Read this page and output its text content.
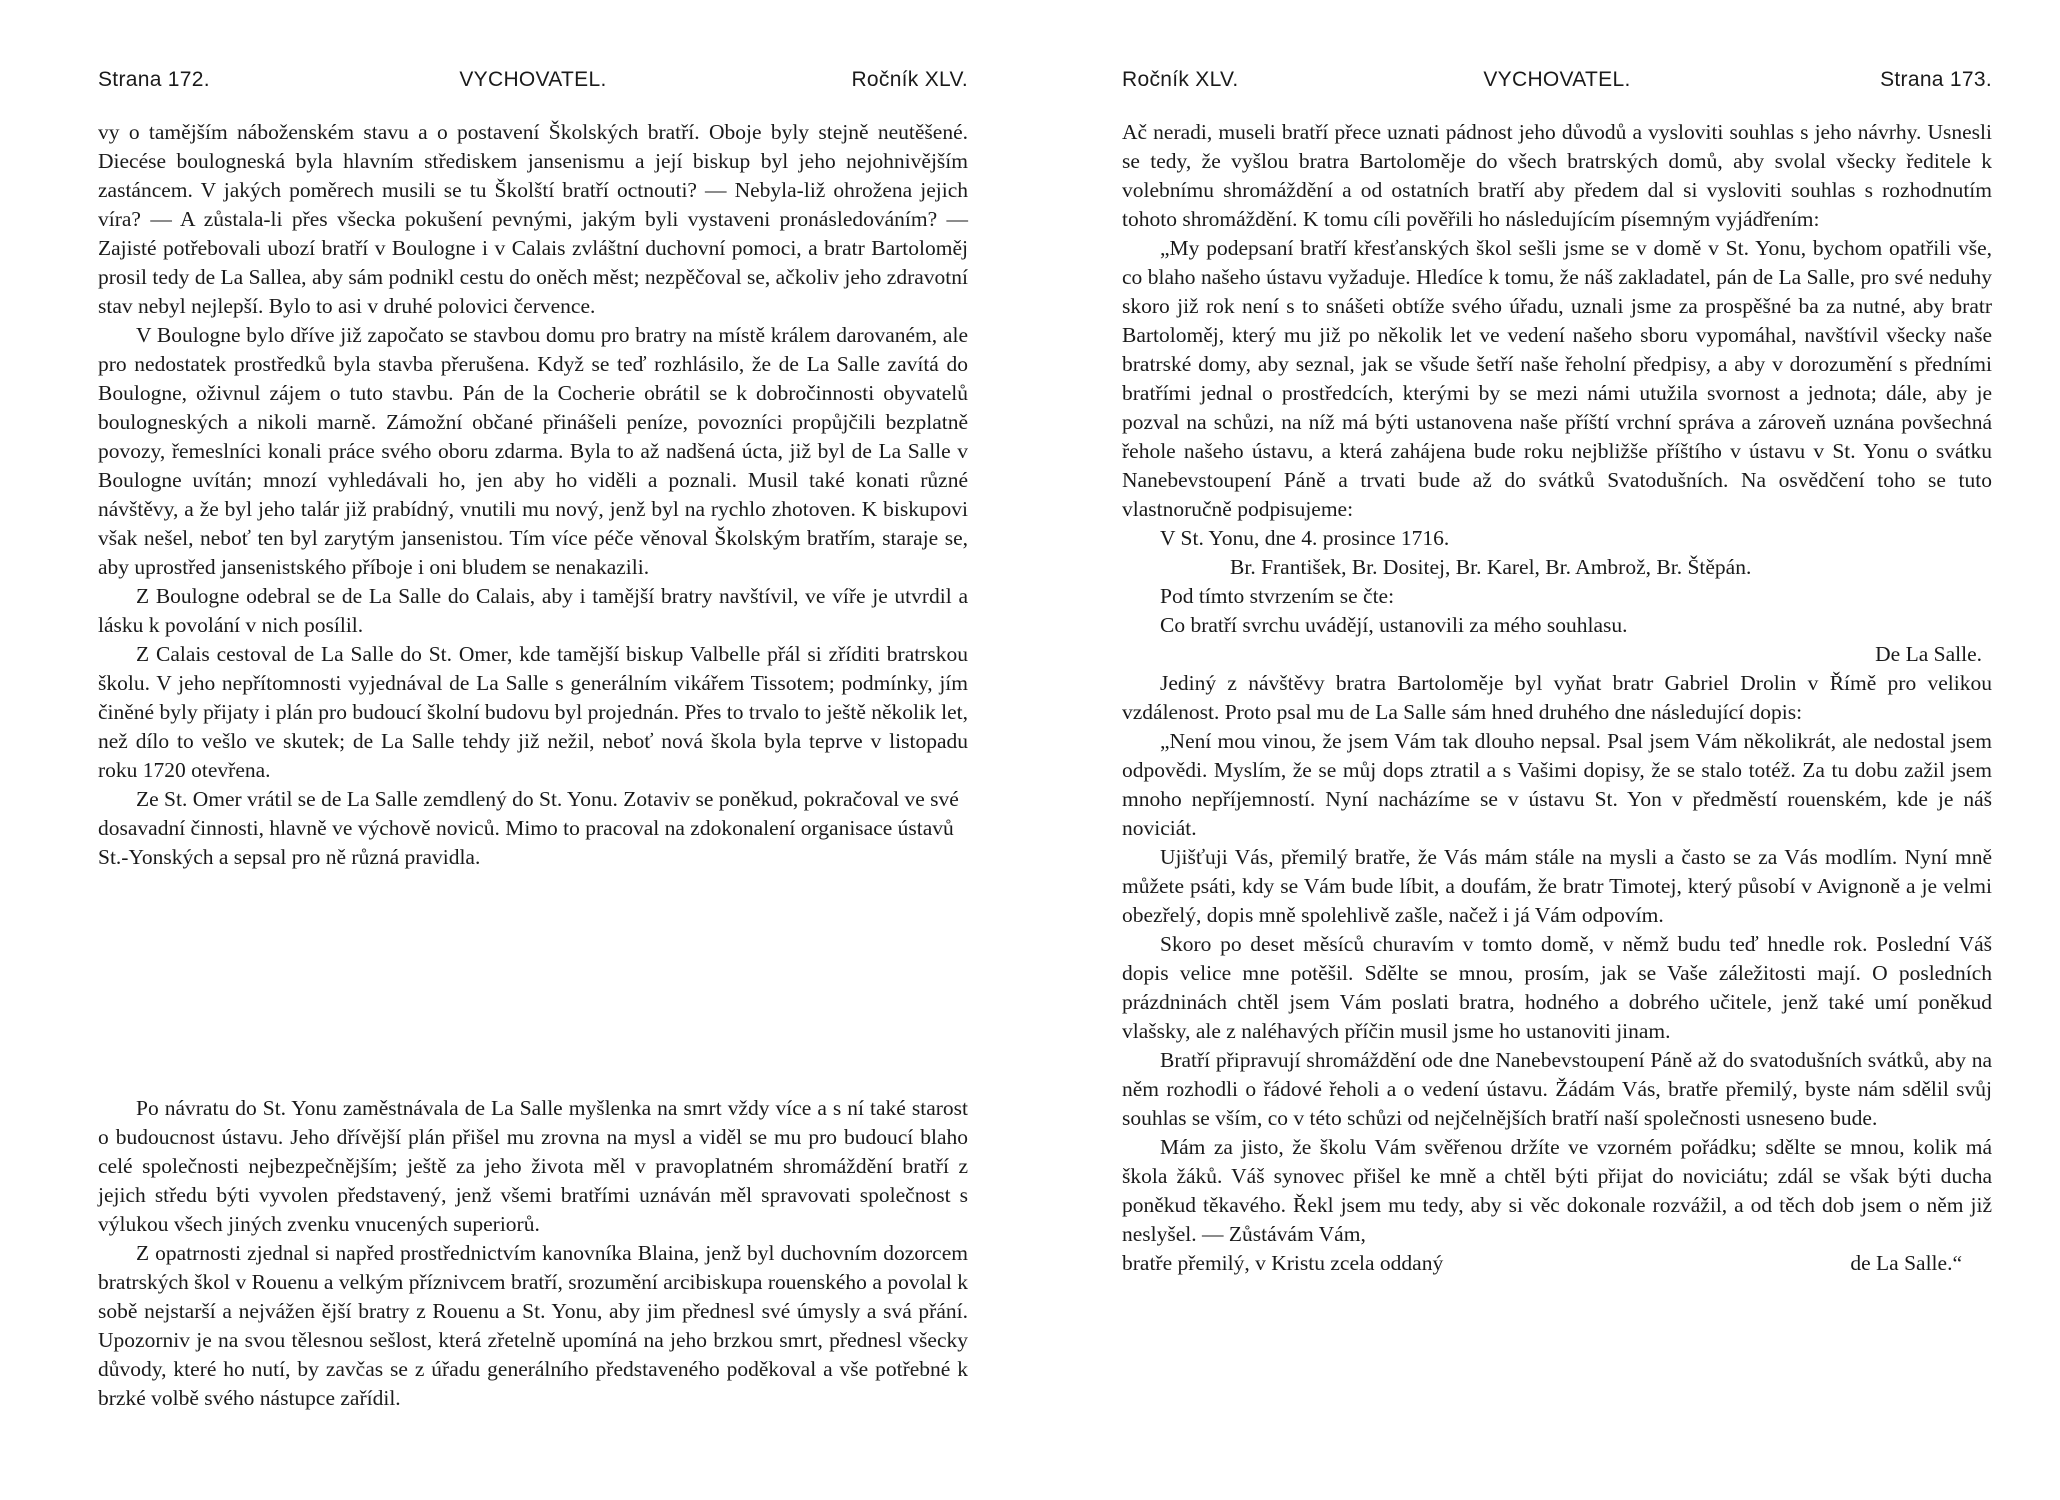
VYCHOVATEL.
Strana 172.	Ročník XLV.

vy o tamějším náboženském stavu a o postavení Školských bratří. Oboje byly stejně neutěšené. Diecése boulogneská byla hlavním střediskem jansenismu a její biskup byl jeho nejohnivějším zastáncem. V jakých poměrech musili se tu Školští bratří octnouti? — Nebyla-liž ohrožena jejich víra? — A zůstala-li přes všecka pokušení pevnými, jakým byli vystaveni pronásledováním? — Zajisté potřebovali ubozí bratří v Boulogne i v Calais zvláštní duchovní pomoci, a bratr Bartoloměj prosil tedy de La Sallea, aby sám podnikl cestu do oněch měst; nezpěčoval se, ačkoliv jeho zdravotní stav nebyl nejlepší. Bylo to asi v druhé polovici července.

V Boulogne bylo dříve již započato se stavbou domu pro bratry na místě králem darovaném, ale pro nedostatek prostředků byla stavba přerušena. Když se teď rozhlásilo, že de La Salle zavítá do Boulogne, oživnul zájem o tuto stavbu. Pán de la Cocherie obrátil se k dobročinnosti obyvatelů boulogneských a nikoli marně. Zámožní občané přinášeli peníze, povozníci propůjčili bezplatně povozy, řemeslníci konali práce svého oboru zdarma. Byla to až nadšená úcta, již byl de La Salle v Boulogne uvítán; mnozí vyhledávali ho, jen aby ho viděli a poznali. Musil také konati různé návštěvy, a že byl jeho talár již prabídný, vnutili mu nový, jenž byl na rychlo zhotoven. K biskupovi však nešel, neboť ten byl zarytým jansenistou. Tím více péče věnoval Školským bratřím, staraje se, aby uprostřed jansenistského příboje i oni bludem se nenakazili.

Z Boulogne odebral se de La Salle do Calais, aby i tamější bratry navštívil, ve víře je utvrdil a lásku k povolání v nich posílil.

Z Calais cestoval de La Salle do St. Omer, kde tamější biskup Valbelle přál si zříditi bratrskou školu. V jeho nepřítomnosti vyjednával de La Salle s generálním vikářem Tissotem; podmínky, jím činěné byly přijaty i plán pro budoucí školní budovu byl projednán. Přes to trvalo to ještě několik let, než dílo to vešlo ve skutek; de La Salle tehdy již nežil, neboť nová škola byla teprve v listopadu roku 1720 otevřena.

Ze St. Omer vrátil se de La Salle zemdlený do St. Yonu. Zotaviv se poněkud, pokračoval ve své dosavadní činnosti, hlavně ve výchově noviců. Mimo to pracoval na zdokonalení organisace ústavů St.-Yonských a sepsal pro ně různá pravidla.

Po návratu do St. Yonu zaměstnávala de La Salle myšlenka na smrt vždy více a s ní také starost o budoucnost ústavu. Jeho dřívější plán přišel mu zrovna na mysl a viděl se mu pro budoucí blaho celé společnosti nejbezpečnějším; ještě za jeho života měl v pravoplatném shromáždění bratří z jejich středu býti vyvolen představený, jenž všemi bratřími uznáván měl spravovati společnost s výlukou všech jiných zvenku vnucených superiorů.

Z opatrnosti zjednal si napřed prostřednictvím kanovníka Blaina, jenž byl duchovním dozorcem bratrských škol v Rouenu a velkým příznivcem bratří, srozumění arcibiskupa rouenského a povolal k sobě nejstarší a nejvážen ější bratry z Rouenu a St. Yonu, aby jim přednesl své úmysly a svá přání. Upozorniv je na svou tělesnou sešlost, která zřetelně upomíná na jeho brzkou smrt, přednesl všecky důvody, které ho nutí, by zavčas se z úřadu generálního představeného poděkoval a vše potřebné k brzké volbě svého nástupce zařídil.

VYCHOVATEL.
Ročník XLV.	Strana 173.

Ač neradi, museli bratří přece uznati pádnost jeho důvodů a vysloviti souhlas s jeho návrhy. Usnesli se tedy, že vyšlou bratra Bartoloměje do všech bratrských domů, aby svolal všecky ředitele k volebnímu shromáždění a od ostatních bratří aby předem dal si vysloviti souhlas s rozhodnutím tohoto shromáždění. K tomu cíli pověřili ho následujícím písemným vyjádřením:

„My podepsaní bratří křesťanských škol sešli jsme se v domě v St. Yonu, bychom opatřili vše, co blaho našeho ústavu vyžaduje. Hledíce k tomu, že náš zakladatel, pán de La Salle, pro své neduhy skoro již rok není s to snášeti obtíže svého úřadu, uznali jsme za prospěšné ba za nutné, aby bratr Bartoloměj, který mu již po několik let ve vedení našeho sboru vypomáhal, navštívil všecky naše bratrské domy, aby seznal, jak se všude šetří naše řeholní předpisy, a aby v dorozumění s předními bratřími jednal o prostředcích, kterými by se mezi námi utužila svornost a jednota; dále, aby je pozval na schůzi, na níž má býti ustanovena naše příští vrchní správa a zároveň uznána povšechná řehole našeho ústavu, a která zahájena bude roku nejbližše příštího v ústavu v St. Yonu o svátku Nanebevstoupení Páně a trvati bude až do svátků Svatodušních. Na osvědčení toho se tuto vlastnoručně podpisujeme:

V St. Yonu, dne 4. prosince 1716.

Br. František, Br. Dositej, Br. Karel, Br. Ambrož, Br. Štěpán.

Pod tímto stvrzením se čte:

Co bratří svrchu uvádějí, ustanovili za mého souhlasu.

De La Salle.

Jediný z návštěvy bratra Bartoloměje byl vyňat bratr Gabriel Drolin v Římě pro velikou vzdálenost. Proto psal mu de La Salle sám hned druhého dne následující dopis:

„Není mou vinou, že jsem Vám tak dlouho nepsal. Psal jsem Vám několikrát, ale nedostal jsem odpovědi. Myslím, že se můj dops ztratil a s Vašimi dopisy, že se stalo totéž. Za tu dobu zažil jsem mnoho nepříjemností. Nyní nacházíme se v ústavu St. Yon v předměstí rouenském, kde je náš noviciát.

Ujišťuji Vás, přemilý bratře, že Vás mám stále na mysli a často se za Vás modlím. Nyní mně můžete psáti, kdy se Vám bude líbit, a doufám, že bratr Timotej, který působí v Avignoně a je velmi obezřelý, dopis mně spolehlivě zašle, načež i já Vám odpovím.

Skoro po deset měsíců churavím v tomto domě, v němž budu teď hnedle rok. Poslední Váš dopis velice mne potěšil. Sdělte se mnou, prosím, jak se Vaše záležitosti mají. O posledních prázdninách chtěl jsem Vám poslati bratra, hodného a dobrého učitele, jenž také umí poněkud vlašsky, ale z naléhavých příčin musil jsme ho ustanoviti jinam.

Bratří připravují shromáždění ode dne Nanebevstoupení Páně až do svatodušních svátků, aby na něm rozhodli o řádové řeholi a o vedení ústavu. Žádám Vás, bratře přemilý, byste nám sdělil svůj souhlas se vším, co v této schůzi od nejčelnějších bratří naší společnosti usneseno bude.

Mám za jisto, že školu Vám svěřenou držíte ve vzorném pořádku; sdělte se mnou, kolik má škola žáků. Váš synovec přišel ke mně a chtěl býti přijat do noviciátu; zdál se však býti ducha poněkud těkavého. Řekl jsem mu tedy, aby si věc dokonale rozvážil, a od těch dob jsem o něm již neslyšel. — Zůstávám Vám,

bratře přemilý, v Kristu zcela oddaný	de La Salle.“
